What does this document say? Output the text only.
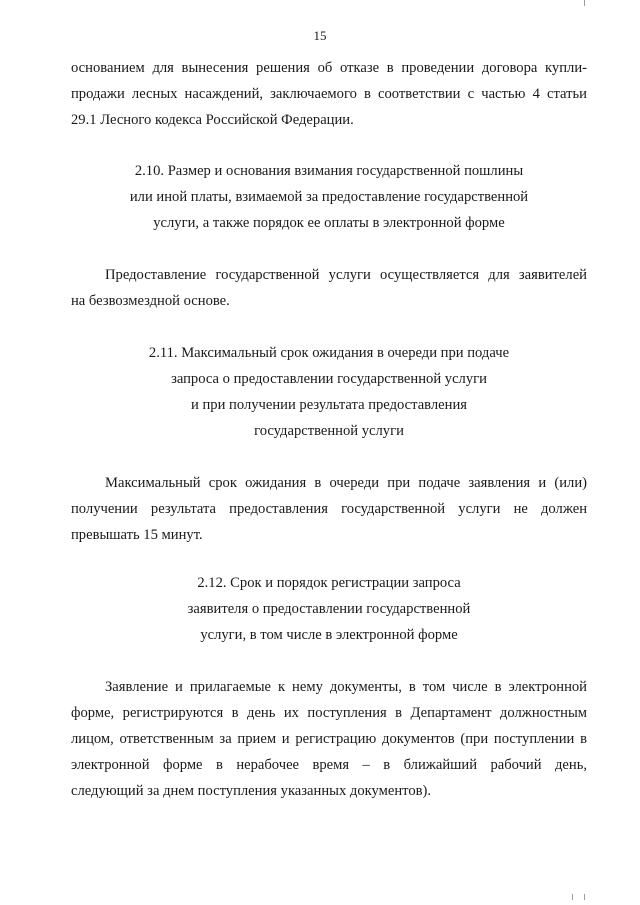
15
основанием для вынесения решения об отказе в проведении договора купли-
продажи лесных насаждений, заключаемого в соответствии с частью 4 статьи
29.1 Лесного кодекса Российской Федерации.
2.10. Размер и основания взимания государственной пошлины
или иной платы, взимаемой за предоставление государственной
услуги, а также порядок ее оплаты в электронной форме
Предоставление государственной услуги осуществляется для заявителей
на безвозмездной основе.
2.11. Максимальный срок ожидания в очереди при подаче
запроса о предоставлении государственной услуги
и при получении результата предоставления
государственной услуги
Максимальный срок ожидания в очереди при подаче заявления и (или)
получении результата предоставления государственной услуги не должен
превышать 15 минут.
2.12. Срок и порядок регистрации запроса
заявителя о предоставлении государственной
услуги, в том числе в электронной форме
Заявление и прилагаемые к нему документы, в том числе в электронной
форме, регистрируются в день их поступления в Департамент должностным
лицом, ответственным за прием и регистрацию документов (при поступлении в
электронной форме в нерабочее время – в ближайший рабочий день,
следующий за днем поступления указанных документов).
